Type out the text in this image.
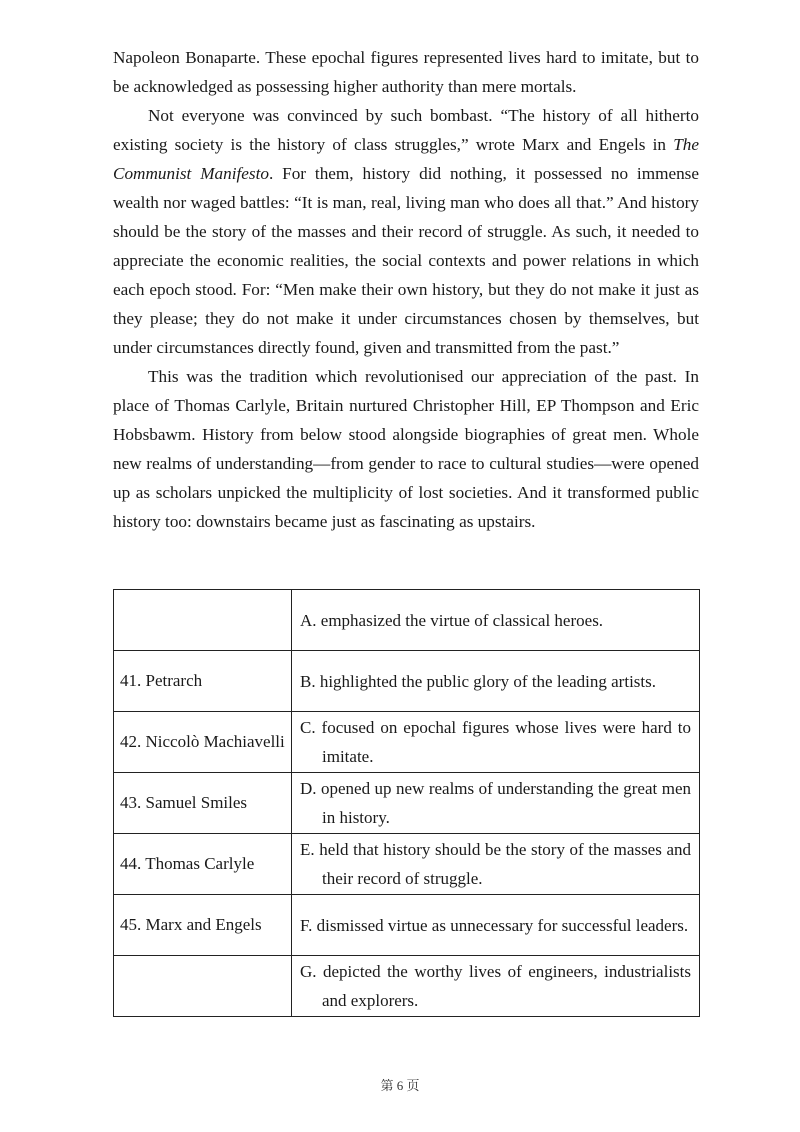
Napoleon Bonaparte. These epochal figures represented lives hard to imitate, but to be acknowledged as possessing higher authority than mere mortals.

Not everyone was convinced by such bombast. “The history of all hitherto existing society is the history of class struggles,” wrote Marx and Engels in The Communist Manifesto. For them, history did nothing, it possessed no immense wealth nor waged battles: “It is man, real, living man who does all that.” And history should be the story of the masses and their record of struggle. As such, it needed to appreciate the economic realities, the social contexts and power relations in which each epoch stood. For: “Men make their own history, but they do not make it just as they please; they do not make it under circumstances chosen by themselves, but under circumstances directly found, given and transmitted from the past.”

This was the tradition which revolutionised our appreciation of the past. In place of Thomas Carlyle, Britain nurtured Christopher Hill, EP Thompson and Eric Hobsbawm. History from below stood alongside biographies of great men. Whole new realms of understanding—from gender to race to cultural studies—were opened up as scholars unpicked the multiplicity of lost societies. And it transformed public history too: downstairs became just as fascinating as upstairs.

	A. emphasized the virtue of classical heroes.

41. Petrarch	B. highlighted the public glory of the leading artists.

42. Niccolò Machiavelli	C. focused on epochal figures whose lives were hard to imitate.

43. Samuel Smiles	D. opened up new realms of understanding the great men in history.

44. Thomas Carlyle	E. held that history should be the story of the masses and their record of struggle.

45. Marx and Engels	F. dismissed virtue as unnecessary for successful leaders.

	G. depicted the worthy lives of engineers, industrialists and explorers.
第 6 页
